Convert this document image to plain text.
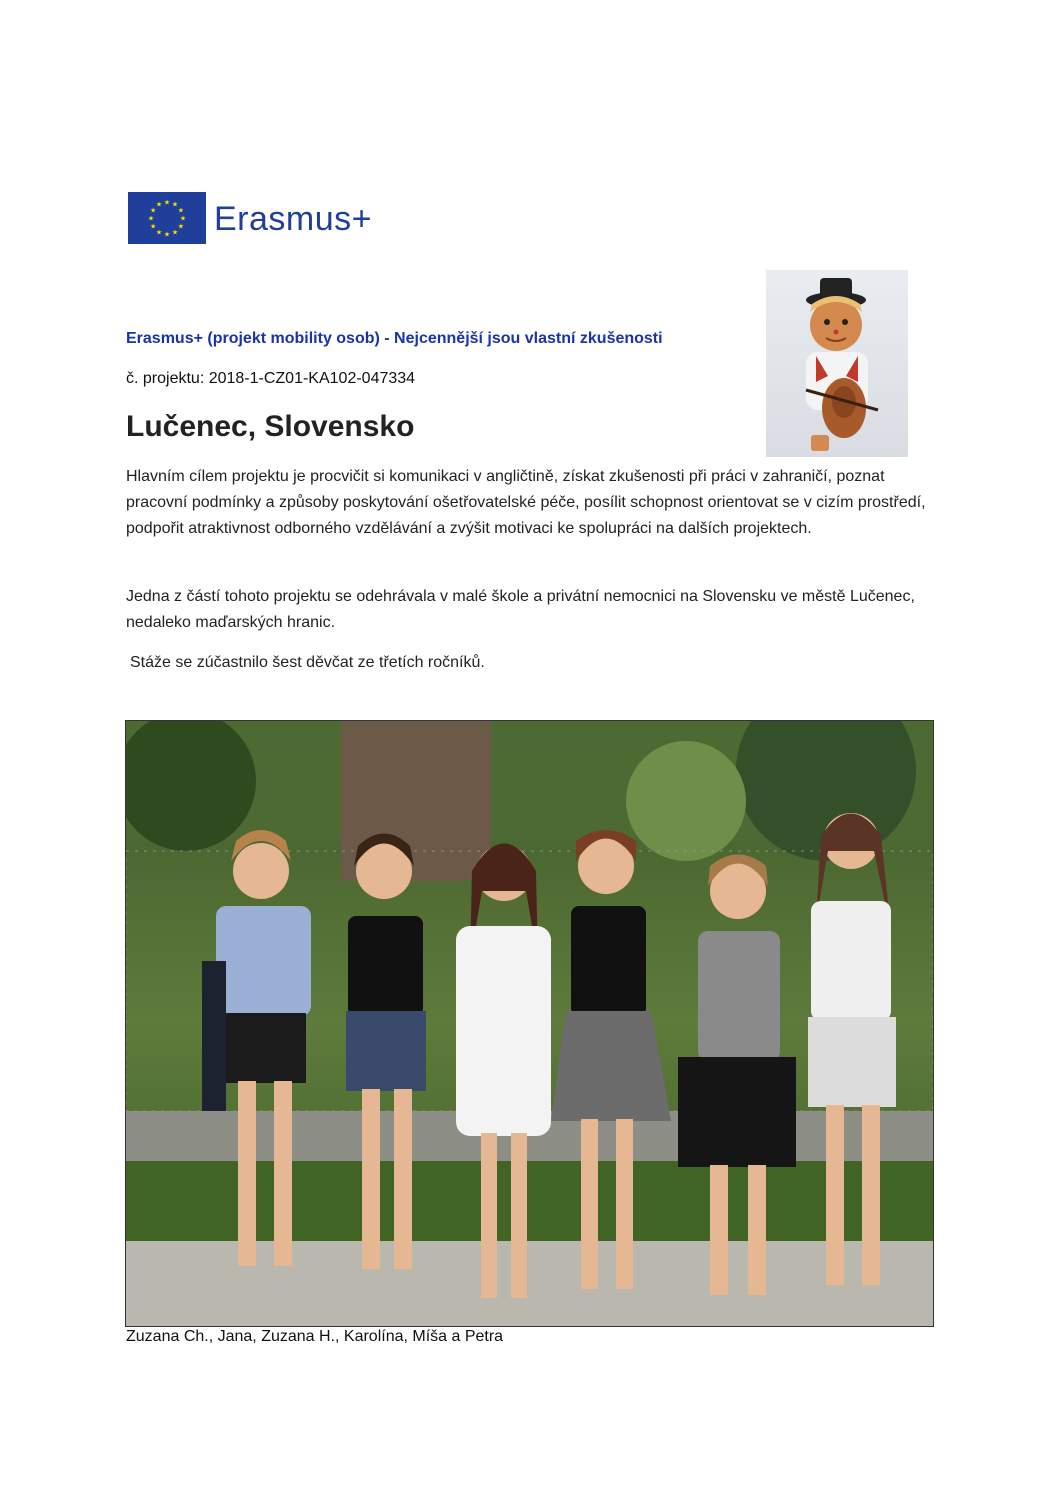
★
★
★
★
★
★
★
★
★ ★ ★
★ Erasmus+
Erasmus+ (projekt mobility osob) - Nejcennější jsou vlastní zkušenosti
č. projektu: 2018-1-CZ01-KA102-047334
Lučenec, Slovensko

Hlavním cílem projektu je procvičit si komunikaci v angličtině, získat zkušenosti při práci v zahraničí, poznat pracovní podmínky a způsoby poskytování ošetřovatelské péče, posílit schopnost orientovat se v cizím prostředí, podpořit atraktivnost odborného vzdělávání a zvýšit motivaci ke spolupráci na dalších projektech.

Jedna z částí tohoto projektu se odehrávala v malé škole a privátní nemocnici na Slovensku ve městě Lučenec, nedaleko maďarských hranic.

Stáže se zúčastnilo šest děvčat ze třetích ročníků.

Zuzana Ch., Jana, Zuzana H., Karolína, Míša a Petra
